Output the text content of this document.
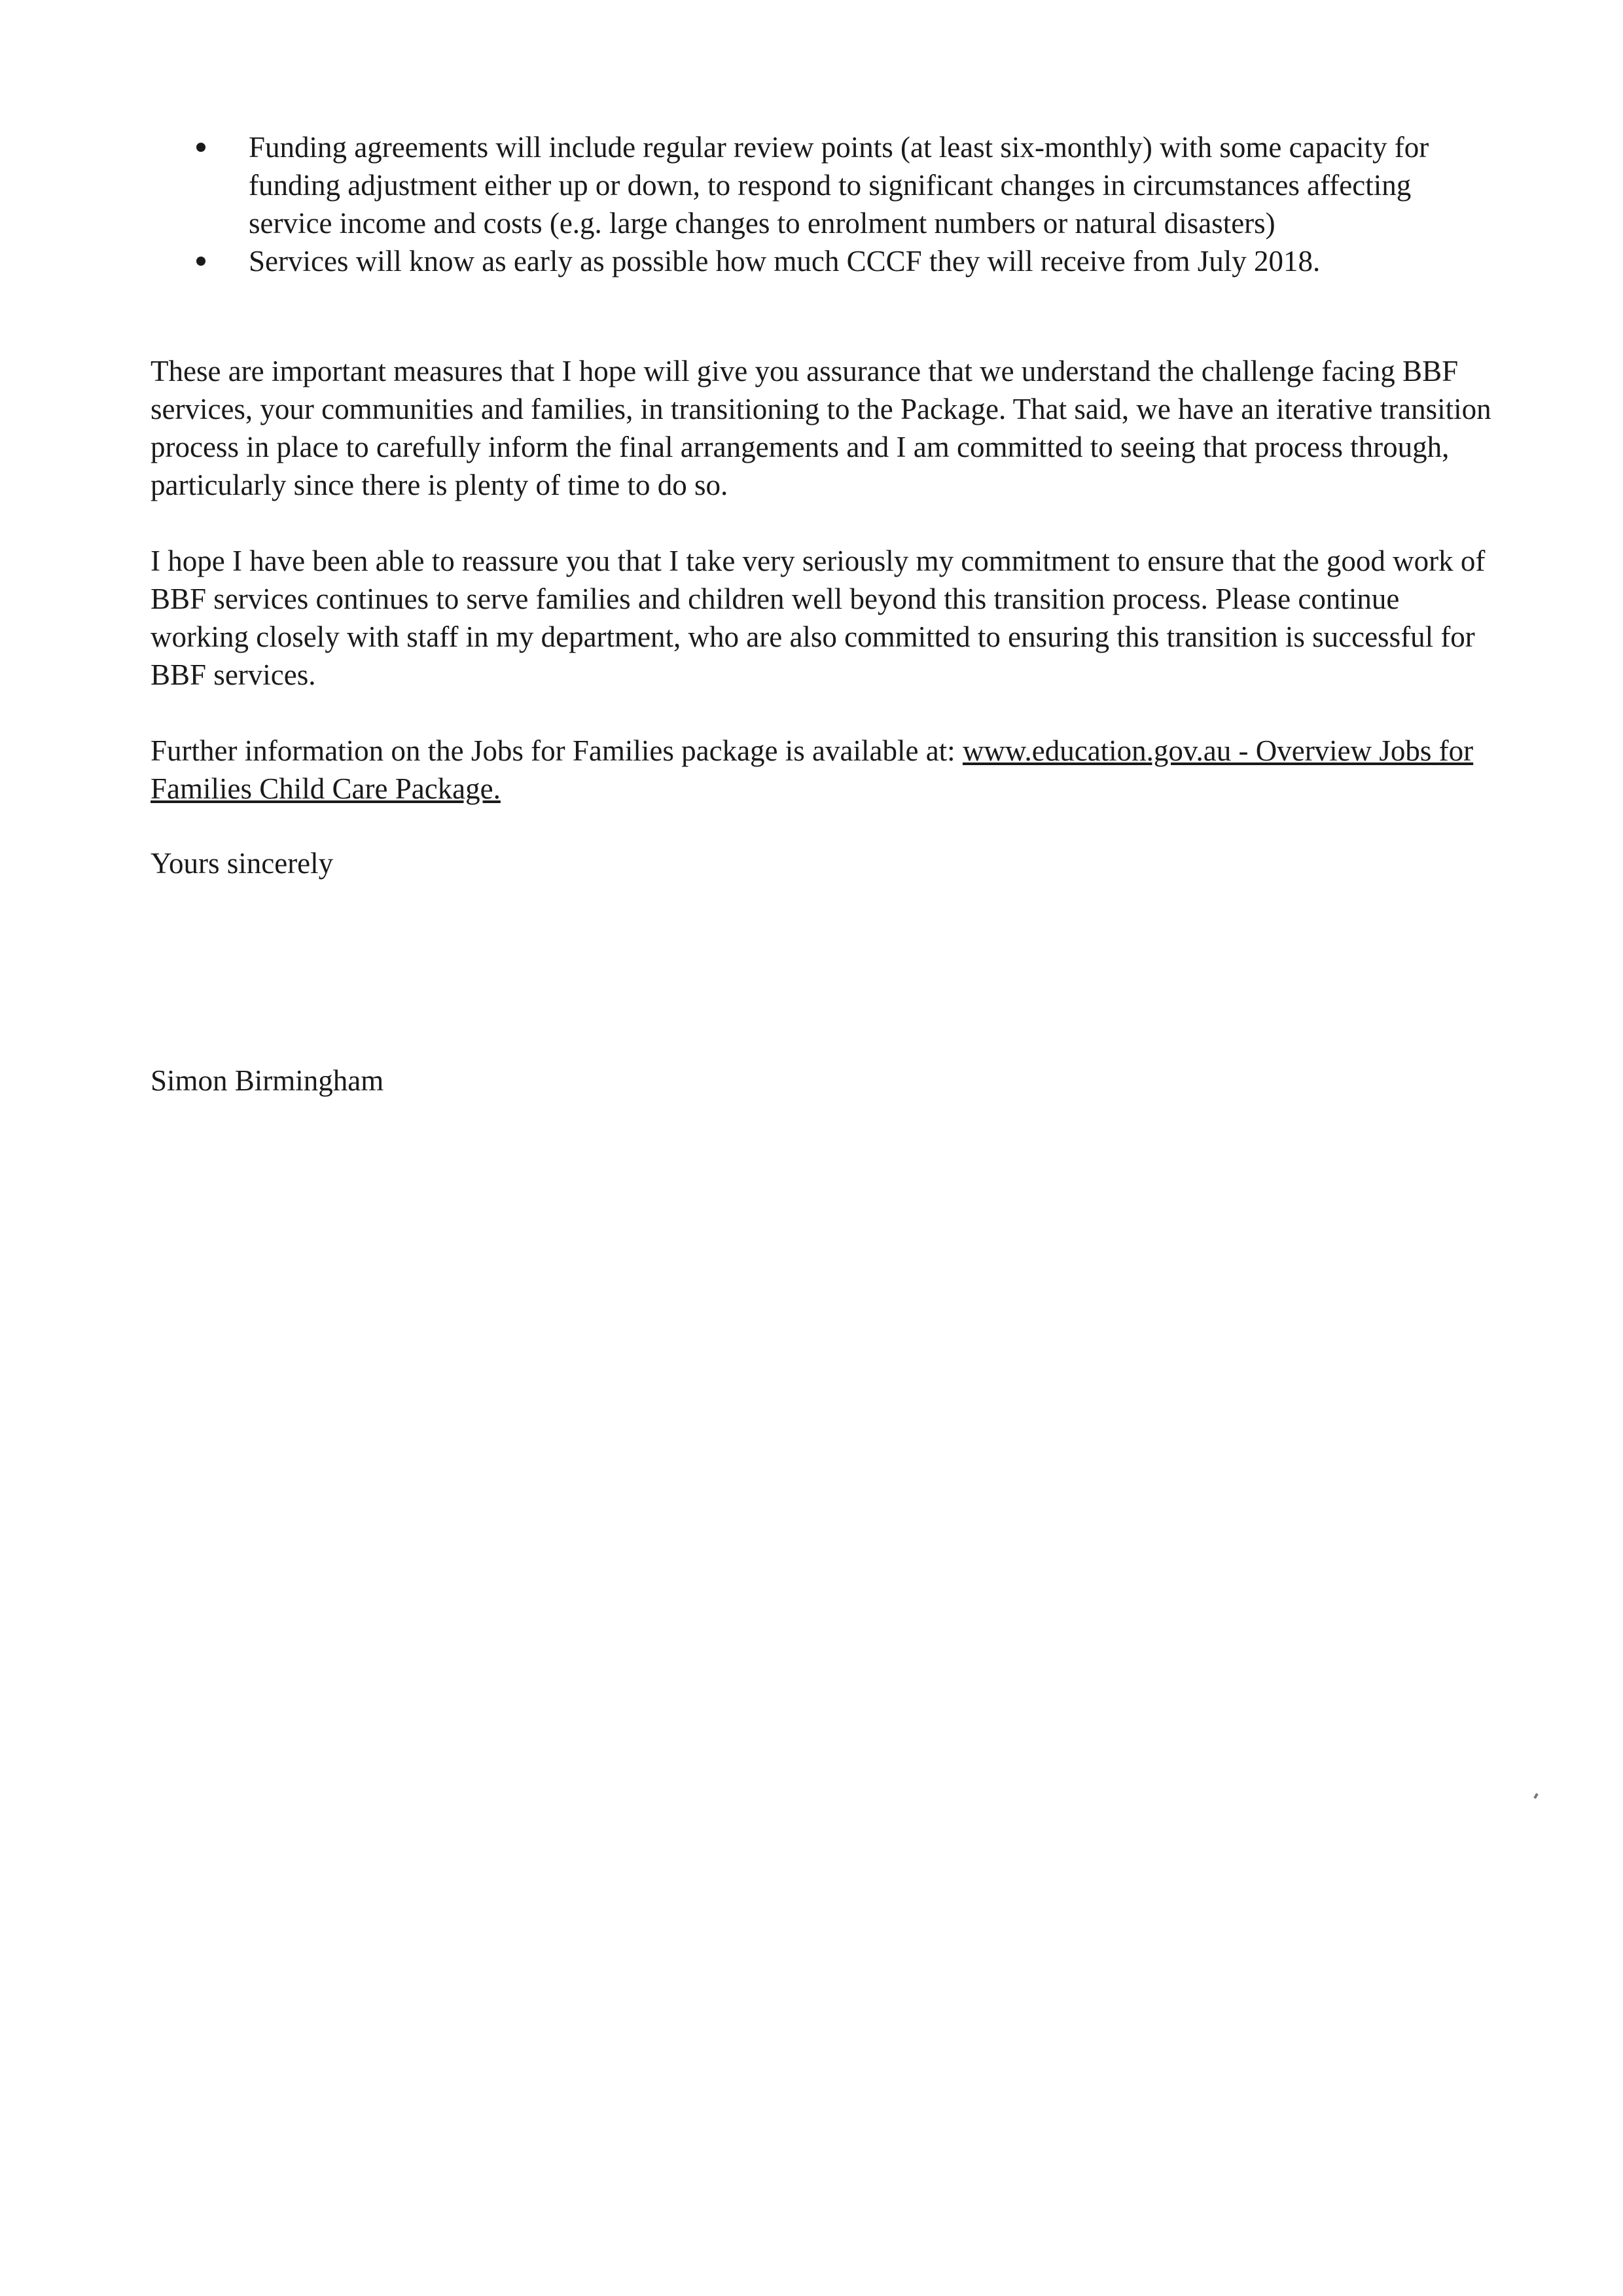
Funding agreements will include regular review points (at least six-monthly) with some capacity for funding adjustment either up or down, to respond to significant changes in circumstances affecting service income and costs (e.g. large changes to enrolment numbers or natural disasters)
Services will know as early as possible how much CCCF they will receive from July 2018.

These are important measures that I hope will give you assurance that we understand the challenge facing BBF services, your communities and families, in transitioning to the Package. That said, we have an iterative transition process in place to carefully inform the final arrangements and I am committed to seeing that process through, particularly since there is plenty of time to do so.

I hope I have been able to reassure you that I take very seriously my commitment to ensure that the good work of BBF services continues to serve families and children well beyond this transition process. Please continue working closely with staff in my department, who are also committed to ensuring this transition is successful for BBF services.

Further information on the Jobs for Families package is available at: www.education.gov.au - Overview Jobs for Families Child Care Package.

Yours sincerely

Simon Birmingham
